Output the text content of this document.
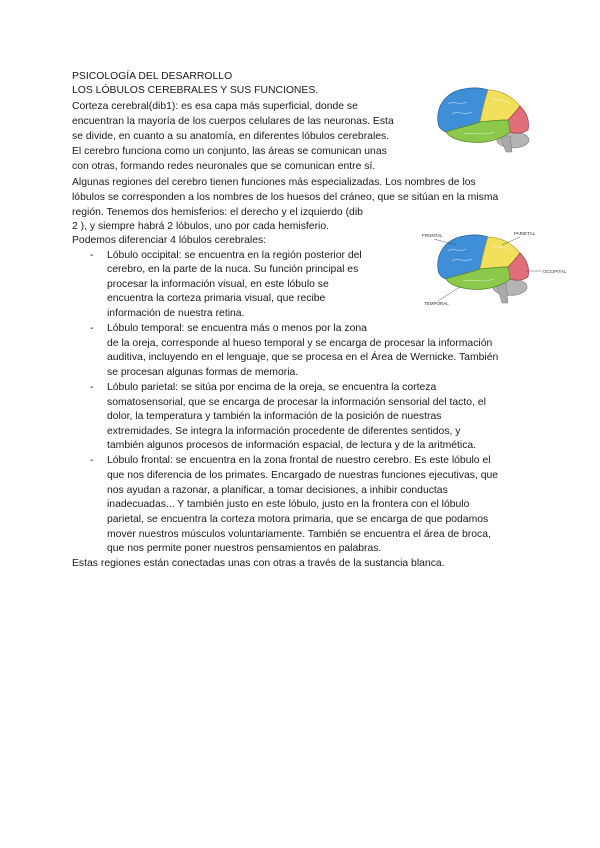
PSICOLOGÍA DEL DESARROLLO
LOS LÓBULOS CEREBRALES Y SUS FUNCIONES.
Corteza cerebral(dib1): es esa capa más superficial, donde se
encuentran la mayoría de los cuerpos celulares de las neuronas. Esta
se divide, en cuanto a su anatomía, en diferentes lóbulos cerebrales.
El cerebro funciona como un conjunto, las áreas se comunican unas
con otras, formando redes neuronales que se comunican entre sí.
Algunas regiones del cerebro tienen funciones más especializadas. Los nombres de los
lóbulos se corresponden a los nombres de los huesos del cráneo, que se sitúan en la misma
región. Tenemos dos hemisferios: el derecho y el izquierdo (dib
2 ), y siempre habrá 2 lóbulos, uno por cada hemisferio.
Podemos diferenciar 4 lóbulos cerebrales:
- Lóbulo occipital: se encuentra en la región posterior del
cerebro, en la parte de la nuca. Su función principal es
procesar la información visual, en este lóbulo se
encuentra la corteza primaria visual, que recibe
información de nuestra retina.
- Lóbulo temporal: se encuentra más o menos por la zona
de la oreja, corresponde al hueso temporal y se encarga de procesar la información
auditiva, incluyendo en el lenguaje, que se procesa en el Área de Wernicke. También
se procesan algunas formas de memoria.
- Lóbulo parietal: se sitúa por encima de la oreja, se encuentra la corteza
somatosensorial, que se encarga de procesar la información sensorial del tacto, el
dolor, la temperatura y también la información de la posición de nuestras
extremidades. Se integra la información procedente de diferentes sentidos, y
también algunos procesos de información espacial, de lectura y de la aritmética.
- Lóbulo frontal: se encuentra en la zona frontal de nuestro cerebro. Es este lóbulo el
que nos diferencia de los primates. Encargado de nuestras funciones ejecutivas, que
nos ayudan a razonar, a planificar, a tomar decisiones, a inhibir conductas
inadecuadas... Y también justo en este lóbulo, justo en la frontera con el lóbulo
parietal, se encuentra la corteza motora primaria, que se encarga de que podamos
mover nuestros músculos voluntariamente. También se encuentra el área de broca,
que nos permite poner nuestros pensamientos en palabras.
Estas regiones están conectadas unas con otras a través de la sustancia blanca.
FRONTAL	PARIETAL
OCCIPITAL
TEMPORAL
